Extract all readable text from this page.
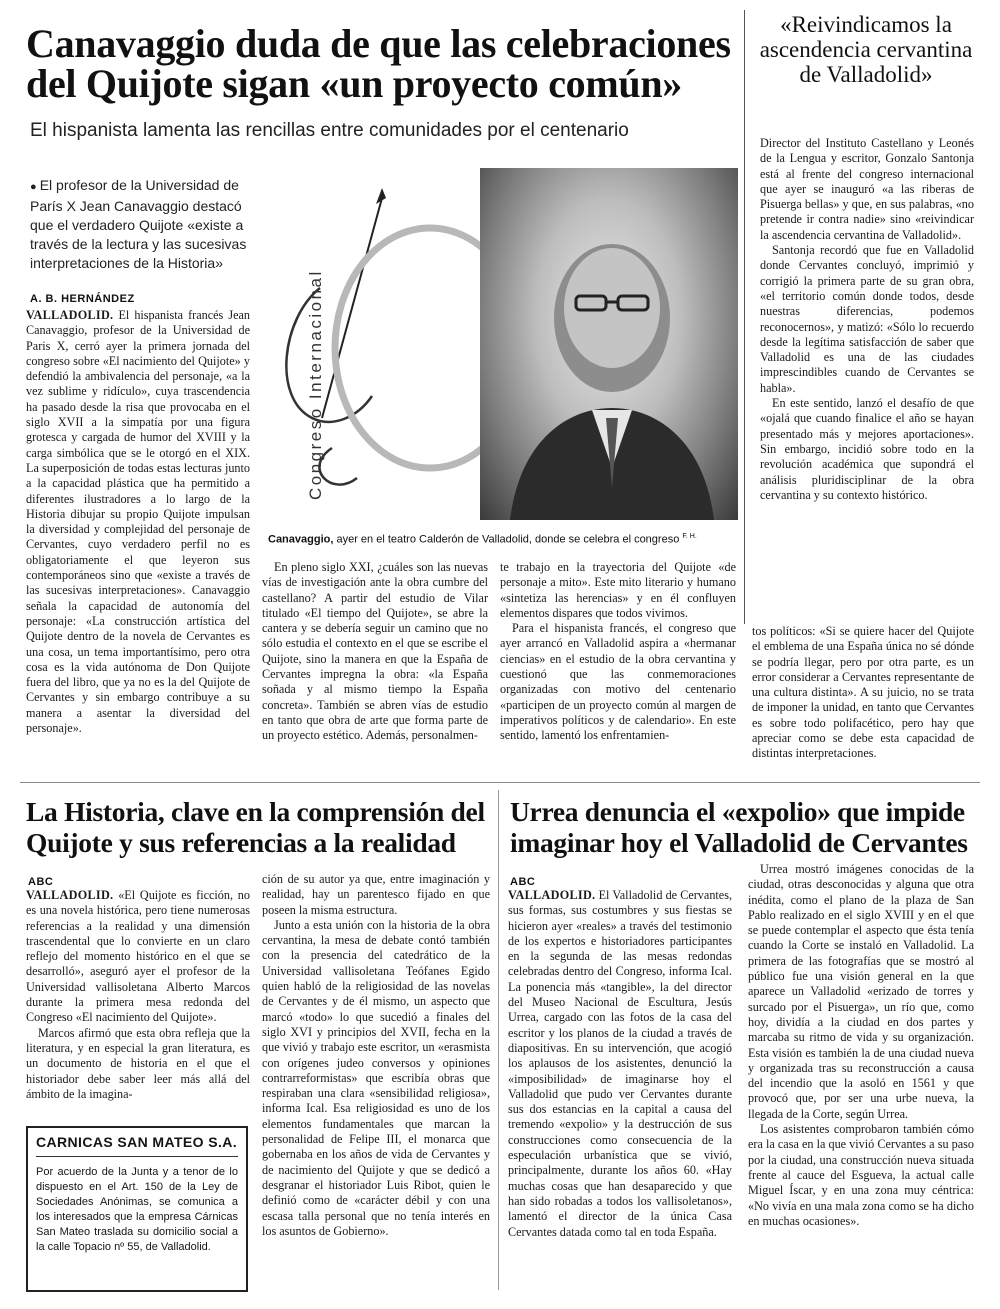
Canavaggio duda de que las celebraciones
del Quijote sigan «un proyecto común»
El hispanista lamenta las rencillas entre comunidades por el centenario
● El profesor de la Universidad de París X Jean Canavaggio destacó que el verdadero Quijote «existe a través de la lectura y las sucesivas interpretaciones de la Historia»
A. B. HERNÁNDEZ

VALLADOLID. El hispanista francés Jean Canavaggio, profesor de la Universidad de Paris X, cerró ayer la primera jornada del congreso sobre «El nacimiento del Quijote» y defendió la ambivalencia del personaje, «a la vez sublime y ridículo», cuya trascendencia ha pasado desde la risa que provocaba en el siglo XVII a la simpatía por una figura grotesca y cargada de humor del XVIII y la carga simbólica que se le otorgó en el XIX. La superposición de todas estas lecturas junto a la capacidad plástica que ha permitido a diferentes ilustradores a lo largo de la Historia dibujar su propio Quijote impulsan la diversidad y complejidad del personaje de Cervantes, cuyo verdadero perfil no es obligatoriamente el que leyeron sus contemporáneos sino que «existe a través de las sucesivas interpretaciones». Canavaggio señala la capacidad de autonomía del personaje: «La construcción artística del Quijote dentro de la novela de Cervantes es una cosa, un tema importantísimo, pero otra cosa es la vida autónoma de Don Quijote fuera del libro, que ya no es la del Quijote de Cervantes y sin embargo contribuye a su manera a asentar la diversidad del personaje».

Congreso Internacional
Canavaggio, ayer en el teatro Calderón de Valladolid, donde se celebra el congreso $^{F. H.}$

En pleno siglo XXI, ¿cuáles son las nuevas vías de investigación ante la obra cumbre del castellano? A partir del estudio de Vilar titulado «El tiempo del Quijote», se abre la cantera y se debería seguir un camino que no sólo estudia el contexto en el que se escribe el Quijote, sino la manera en que la España de Cervantes impregna la obra: «la España soñada y al mismo tiempo la España concreta». También se abren vías de estudio en tanto que obra de arte que forma parte de un proyecto estético. Además, personalmen-

te trabajo en la trayectoria del Quijote «de personaje a mito». Este mito literario y humano «sintetiza las herencias» y en él confluyen elementos dispares que todos vivimos.

Para el hispanista francés, el congreso que ayer arrancó en Valladolid aspira a «hermanar ciencias» en el estudio de la obra cervantina y cuestionó que las conmemoraciones organizadas con motivo del centenario «participen de un proyecto común al margen de imperativos políticos y de calendario». En este sentido, lamentó los enfrentamien-

tos políticos: «Si se quiere hacer del Quijote el emblema de una España única no sé dónde se podría llegar, pero por otra parte, es un error considerar a Cervantes representante de una cultura distinta». A su juicio, no se trata de imponer la unidad, en tanto que Cervantes es sobre todo polifacético, pero hay que apreciar como se debe esta capacidad de distintas interpretaciones.

«Reivindicamos la ascendencia cervantina de Valladolid»

Director del Instituto Castellano y Leonés de la Lengua y escritor, Gonzalo Santonja está al frente del congreso internacional que ayer se inauguró «a las riberas de Pisuerga bellas» y que, en sus palabras, «no pretende ir contra nadie» sino «reivindicar la ascendencia cervantina de Valladolid».

Santonja recordó que fue en Valladolid donde Cervantes concluyó, imprimió y corrigió la primera parte de su gran obra, «el territorio común donde todos, desde nuestras diferencias, podemos reconocernos», y matizó: «Sólo lo recuerdo desde la legítima satisfacción de saber que Valladolid es una de las ciudades imprescindibles cuando de Cervantes se habla».

En este sentido, lanzó el desafío de que «ojalá que cuando finalice el año se hayan presentado más y mejores aportaciones». Sin embargo, incidió sobre todo en la revolución académica que supondrá el análisis pluridisciplinar de la obra cervantina y su contexto histórico.

La Historia, clave en la comprensión del
Quijote y sus referencias a la realidad
ABC

VALLADOLID. «El Quijote es ficción, no es una novela histórica, pero tiene numerosas referencias a la realidad y una dimensión trascendental que lo convierte en un claro reflejo del momento histórico en el que se desarrolló», aseguró ayer el profesor de la Universidad vallisoletana Alberto Marcos durante la primera mesa redonda del Congreso «El nacimiento del Quijote».

Marcos afirmó que esta obra refleja que la literatura, y en especial la gran literatura, es un documento de historia en el que el historiador debe saber leer más allá del ámbito de la imagina-

ción de su autor ya que, entre imaginación y realidad, hay un parentesco fijado en que poseen la misma estructura.

Junto a esta unión con la historia de la obra cervantina, la mesa de debate contó también con la presencia del catedrático de la Universidad vallisoletana Teófanes Egido quien habló de la religiosidad de las novelas de Cervantes y de él mismo, un aspecto que marcó «todo» lo que sucedió a finales del siglo XVI y principios del XVII, fecha en la que vivió y trabajo este escritor, un «erasmista con orígenes judeo conversos y opiniones contrarreformistas» que escribía obras que respiraban una clara «sensibilidad religiosa», informa Ical. Esa religiosidad es uno de los elementos fundamentales que marcan la personalidad de Felipe III, el monarca que gobernaba en los años de vida de Cervantes y de nacimiento del Quijote y que se dedicó a desgranar el historiador Luis Ribot, quien le definió como de «carácter débil y con una escasa talla personal que no tenía interés en los asuntos de Gobierno».

CARNICAS SAN MATEO S.A.
Por acuerdo de la Junta y a tenor de lo dispuesto en el Art. 150 de la Ley de Sociedades Anónimas, se comunica a los interesados que la empresa Cárnicas San Mateo traslada su domicilio social a la calle Topacio nº 55, de Valladolid.
Urrea denuncia el «expolio» que impide
imaginar hoy el Valladolid de Cervantes
ABC

VALLADOLID. El Valladolid de Cervantes, sus formas, sus costumbres y sus fiestas se hicieron ayer «reales» a través del testimonio de los expertos e historiadores participantes en la segunda de las mesas redondas celebradas dentro del Congreso, informa Ical. La ponencia más «tangible», la del director del Museo Nacional de Escultura, Jesús Urrea, cargado con las fotos de la casa del escritor y los planos de la ciudad a través de diapositivas. En su intervención, que acogió los aplausos de los asistentes, denunció la «imposibilidad» de imaginarse hoy el Valladolid que pudo ver Cervantes durante sus dos estancias en la capital a causa del tremendo «expolio» y la destrucción de sus construcciones como consecuencia de la especulación urbanística que se vivió, principalmente, durante los años 60. «Hay muchas cosas que han desaparecido y que han sido robadas a todos los vallisoletanos», lamentó el director de la única Casa Cervantes datada como tal en toda España.

Urrea mostró imágenes conocidas de la ciudad, otras desconocidas y alguna que otra inédita, como el plano de la plaza de San Pablo realizado en el siglo XVIII y en el que se puede contemplar el aspecto que ésta tenía cuando la Corte se instaló en Valladolid. La primera de las fotografías que se mostró al público fue una visión general en la que aparece un Valladolid «erizado de torres y surcado por el Pisuerga», un río que, como hoy, dividía a la ciudad en dos partes y marcaba su ritmo de vida y su organización. Esta visión es también la de una ciudad nueva y organizada tras su reconstrucción a causa del incendio que la asoló en 1561 y que provocó que, por ser una urbe nueva, la llegada de la Corte, según Urrea.

Los asistentes comprobaron también cómo era la casa en la que vivió Cervantes a su paso por la ciudad, una construcción nueva situada frente al cauce del Esgueva, la actual calle Miguel Íscar, y en una zona muy céntrica: «No vivía en una mala zona como se ha dicho en muchas ocasiones».
